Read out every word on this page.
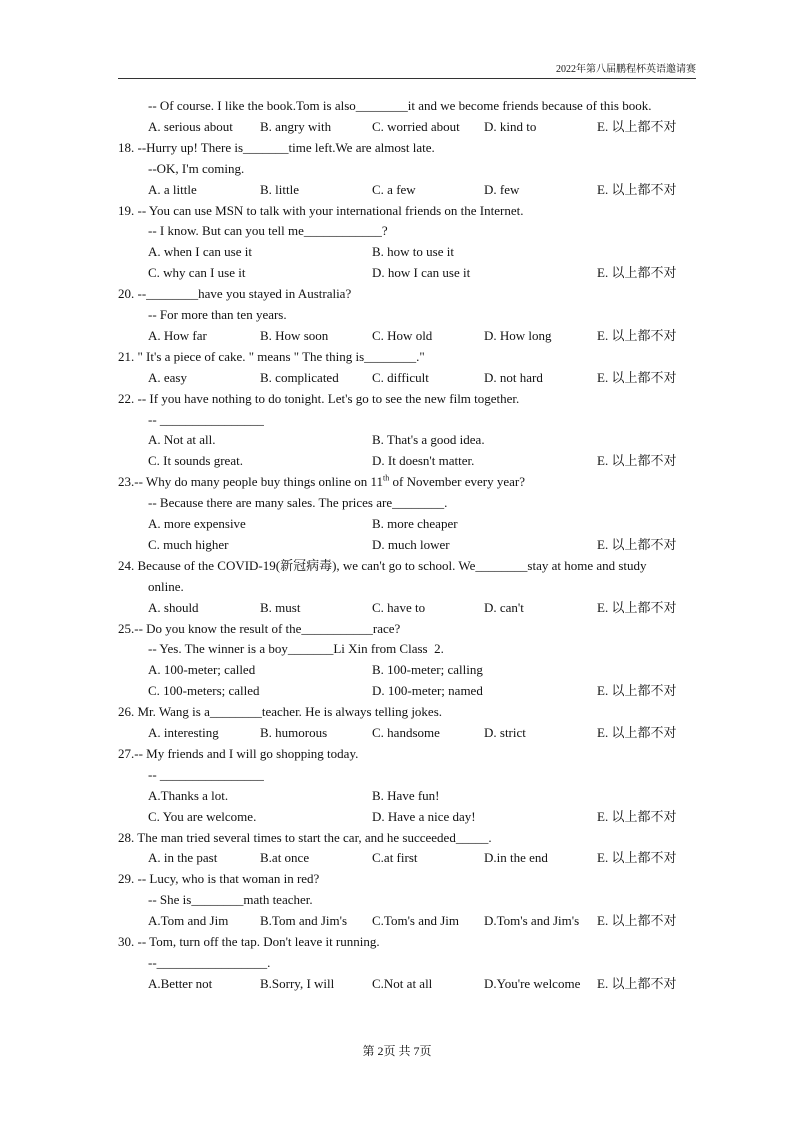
2022年第八届鹏程杯英语邀请赛
-- Of course. I like the book.Tom is also________it and we become friends because of this book.
A. serious about B. angry with	C. worried about D. kind to	E. 以上都不对
18. --Hurry up! There is_______time left.We are almost late.
--OK, I'm coming.
A. a little	B. little	C. a few	D. few	E. 以上都不对
19. -- You can use MSN to talk with your international friends on the Internet.
-- I know. But can you tell me____________?
A. when I can use it	B. how to use it
C. why can I use it	D. how I can use it	E. 以上都不对
20. --________have you stayed in Australia?
-- For more than ten years.
A. How far	B. How soon	C. How old	D. How long	E. 以上都不对
21. " It's a piece of cake. " means " The thing is________."
A. easy	B. complicated	C. difficult	D. not hard	E. 以上都不对
22. -- If you have nothing to do tonight. Let's go to see the new film together.
-- ________________
A. Not at all.	B. That's a good idea.
C. It sounds great.	D. It doesn't matter.	E. 以上都不对
23.-- Why do many people buy things online on 11th of November every year?
-- Because there are many sales. The prices are________.
A. more expensive	B. more cheaper
C. much higher	D. much lower	E. 以上都不对
24. Because of the COVID-19(新冠病毒), we can't go to school. We________stay at home and study
online.
A. should	B. must	C. have to	D. can't	E. 以上都不对
25.-- Do you know the result of the___________race?
-- Yes. The winner is a boy_______Li Xin from Class  2.
A. 100-meter; called	B. 100-meter; calling
C. 100-meters; called	D. 100-meter; named	E. 以上都不对
26. Mr. Wang is a________teacher. He is always telling jokes.
A. interesting	B. humorous	C. handsome	D. strict	E. 以上都不对
27.-- My friends and I will go shopping today.
-- ________________
A.Thanks a lot.	B. Have fun!
C. You are welcome.	D. Have a nice day!	E. 以上都不对
28. The man tried several times to start the car, and he succeeded_____.
A. in the past	B.at once	C.at first	D.in the end	E. 以上都不对
29. -- Lucy, who is that woman in red?
-- She is________math teacher.
A.Tom and Jim B.Tom and Jim's C.Tom's and Jim D.Tom's and Jim's E. 以上都不对
30. -- Tom, turn off the tap. Don't leave it running.
--_________________.
A.Better not	B.Sorry, I will	C.Not at all	D.You're welcome E. 以上都不对
第 2页 共 7页
